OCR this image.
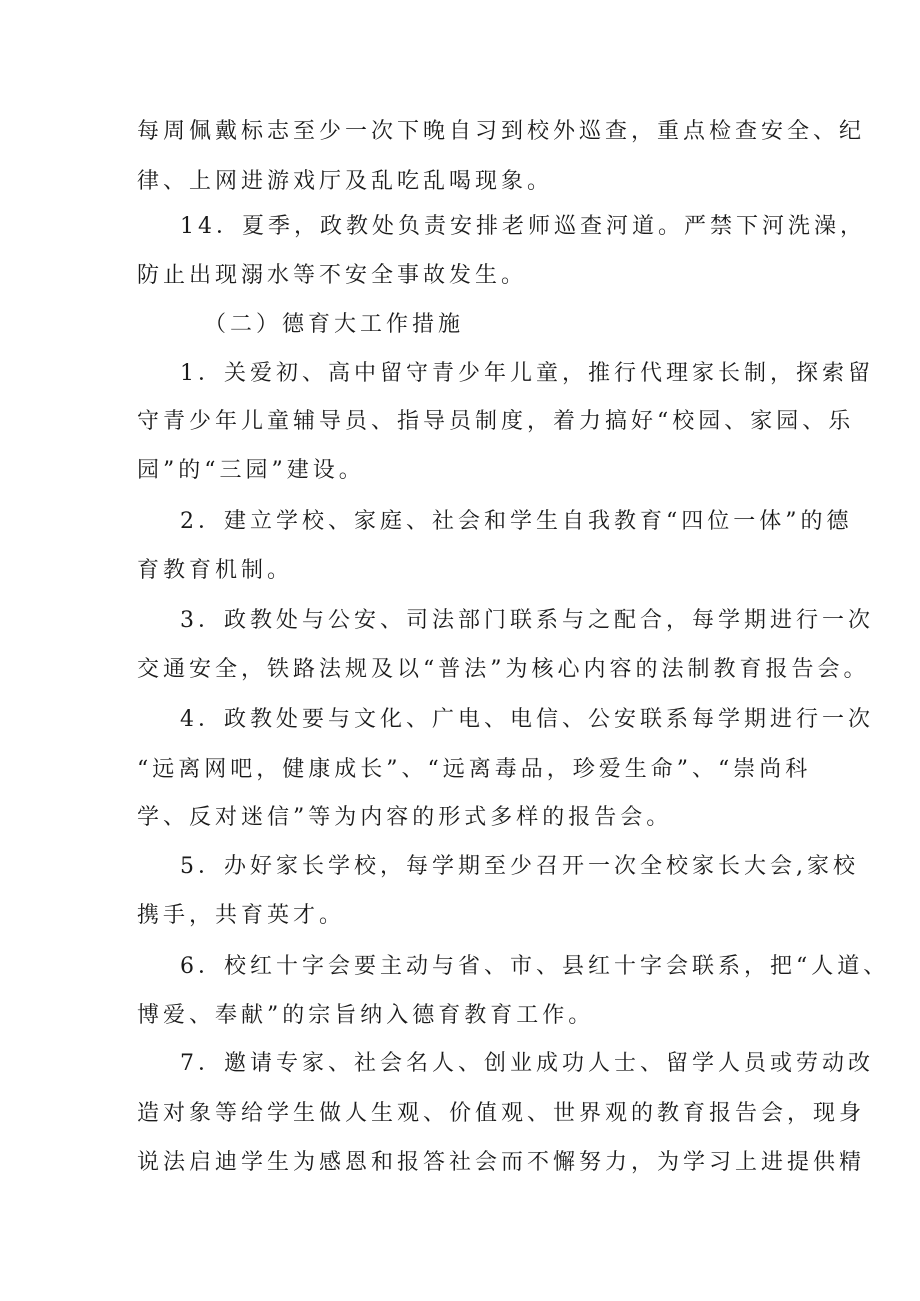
每周佩戴标志至少一次下晚自习到校外巡查，重点检查安全、纪
律、上网进游戏厅及乱吃乱喝现象。
14．夏季，政教处负责安排老师巡查河道。严禁下河洗澡，
防止出现溺水等不安全事故发生。
（二）德育大工作措施
1．关爱初、高中留守青少年儿童，推行代理家长制，探索留
守青少年儿童辅导员、指导员制度，着力搞好“校园、家园、乐
园”的“三园”建设。
2．建立学校、家庭、社会和学生自我教育“四位一体”的德
育教育机制。
3．政教处与公安、司法部门联系与之配合，每学期进行一次
交通安全，铁路法规及以“普法”为核心内容的法制教育报告会。
4．政教处要与文化、广电、电信、公安联系每学期进行一次
“远离网吧，健康成长”、“远离毒品，珍爱生命”、“崇尚科
学、反对迷信”等为内容的形式多样的报告会。
5．办好家长学校，每学期至少召开一次全校家长大会,家校
携手，共育英才。
6．校红十字会要主动与省、市、县红十字会联系，把“人道、
博爱、奉献”的宗旨纳入德育教育工作。
7．邀请专家、社会名人、创业成功人士、留学人员或劳动改
造对象等给学生做人生观、价值观、世界观的教育报告会，现身
说法启迪学生为感恩和报答社会而不懈努力，为学习上进提供精
